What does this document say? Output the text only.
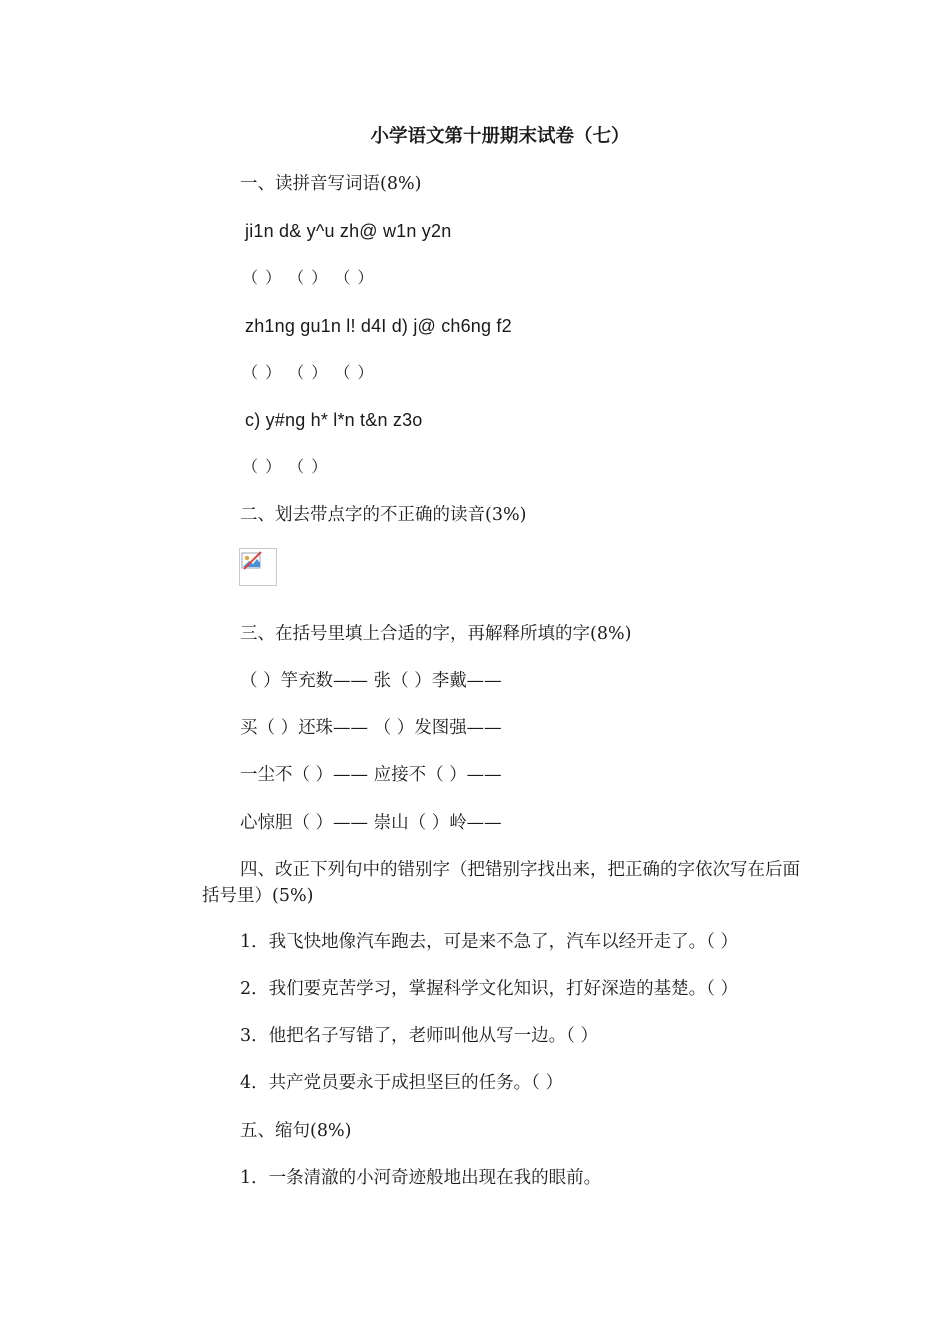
小学语文第十册期末试卷（七）
一、读拼音写词语(8%)
ji1n d& y^u zh@ w1n y2n
（ ） （ ） （ ）
zh1ng gu1n l! d4I d) j@ ch6ng f2
（ ） （ ） （ ）
c) y#ng h* l*n t&n z3o
（ ） （ ）
二、划去带点字的不正确的读音(3%)
三、在括号里填上合适的字，再解释所填的字(8%)
（ ）竽充数—— 张（ ）李戴——
买（ ）还珠—— （ ）发图强——
一尘不（ ）—— 应接不（ ）——
心惊胆（ ）—— 崇山（ ）岭——
四、改正下列句中的错别字（把错别字找出来，把正确的字依次写在后面括号里）(5%)
1．我飞快地像汽车跑去，可是来不急了，汽车以经开走了。（ ）
2．我们要克苦学习，掌握科学文化知识，打好深造的基楚。（ ）
3．他把名子写错了，老师叫他从写一边。（ ）
4．共产党员要永于成担坚巨的任务。（ ）
五、缩句(8%)
1．一条清澈的小河奇迹般地出现在我的眼前。
